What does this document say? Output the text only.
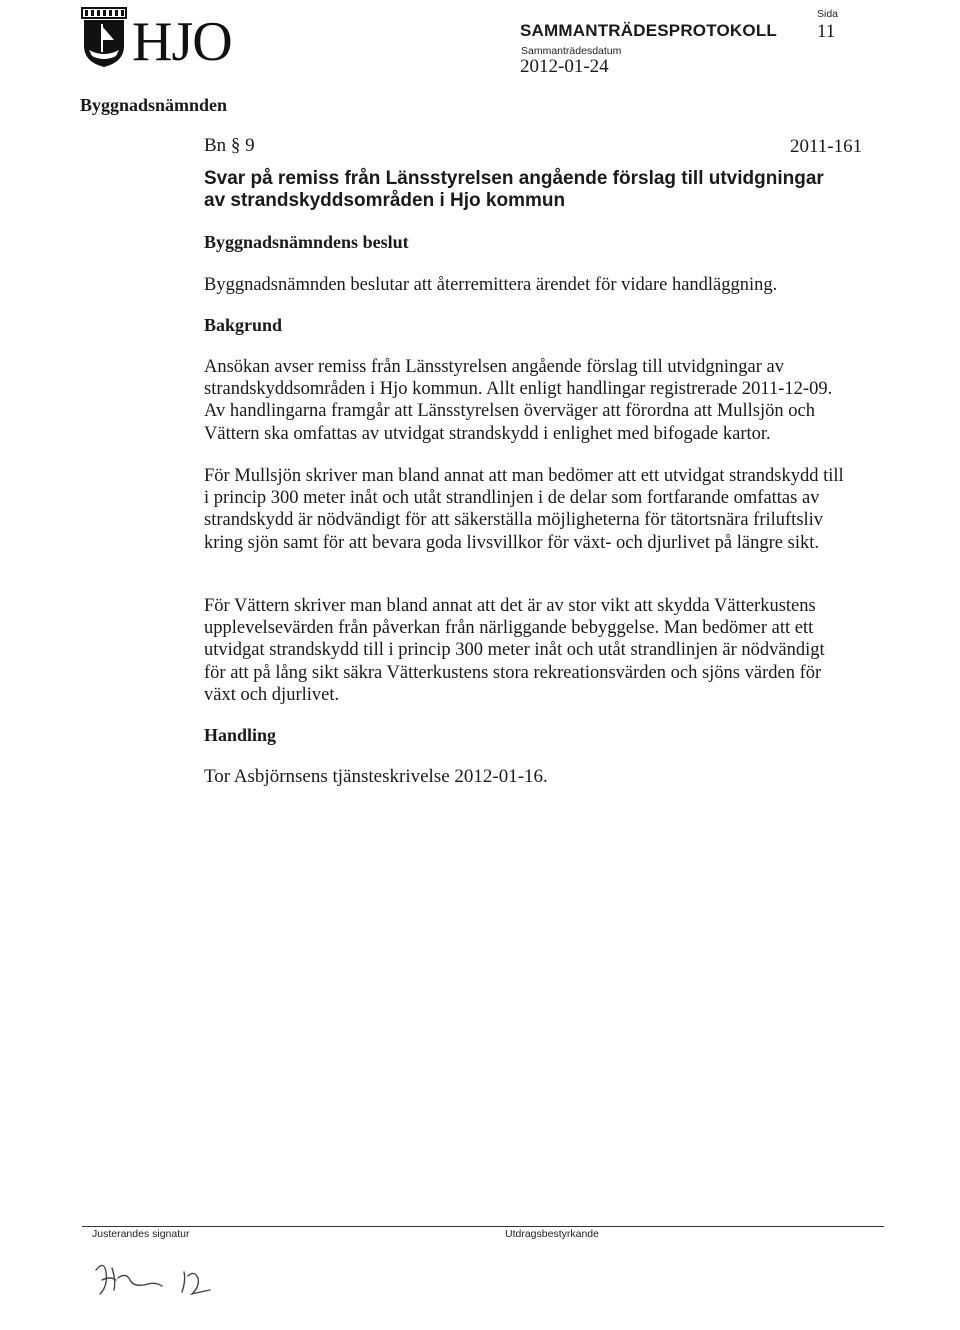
HJO	SAMMANTRÄDESPROTOKOLL
Sammanträdesdatum
2012-01-24
Sida
11
Byggnadsnämnden
Bn § 9	2011-161
Svar på remiss från Länsstyrelsen angående förslag till utvidgningar av strandskyddsområden i Hjo kommun
Byggnadsnämndens beslut
Byggnadsnämnden beslutar att återremittera ärendet för vidare handläggning.
Bakgrund
Ansökan avser remiss från Länsstyrelsen angående förslag till utvidgningar av strandskyddsområden i Hjo kommun. Allt enligt handlingar registrerade 2011-12-09. Av handlingarna framgår att Länsstyrelsen överväger att förordna att Mullsjön och Vättern ska omfattas av utvidgat strandskydd i enlighet med bifogade kartor.
För Mullsjön skriver man bland annat att man bedömer att ett utvidgat strandskydd till i princip 300 meter inåt och utåt strandlinjen i de delar som fortfarande omfattas av strandskydd är nödvändigt för att säkerställa möjligheterna för tätortsnära friluftsliv kring sjön samt för att bevara goda livsvillkor för växt- och djurlivet på längre sikt.
För Vättern skriver man bland annat att det är av stor vikt att skydda Vätterkustens upplevelsevärden från påverkan från närliggande bebyggelse. Man bedömer att ett utvidgat strandskydd till i princip 300 meter inåt och utåt strandlinjen är nödvändigt för att på lång sikt säkra Vätterkustens stora rekreationsvärden och sjöns värden för växt och djurlivet.
Handling
Tor Asbjörnsens tjänsteskrivelse 2012-01-16.
Justerandes signatur	Utdragsbestyrkande
